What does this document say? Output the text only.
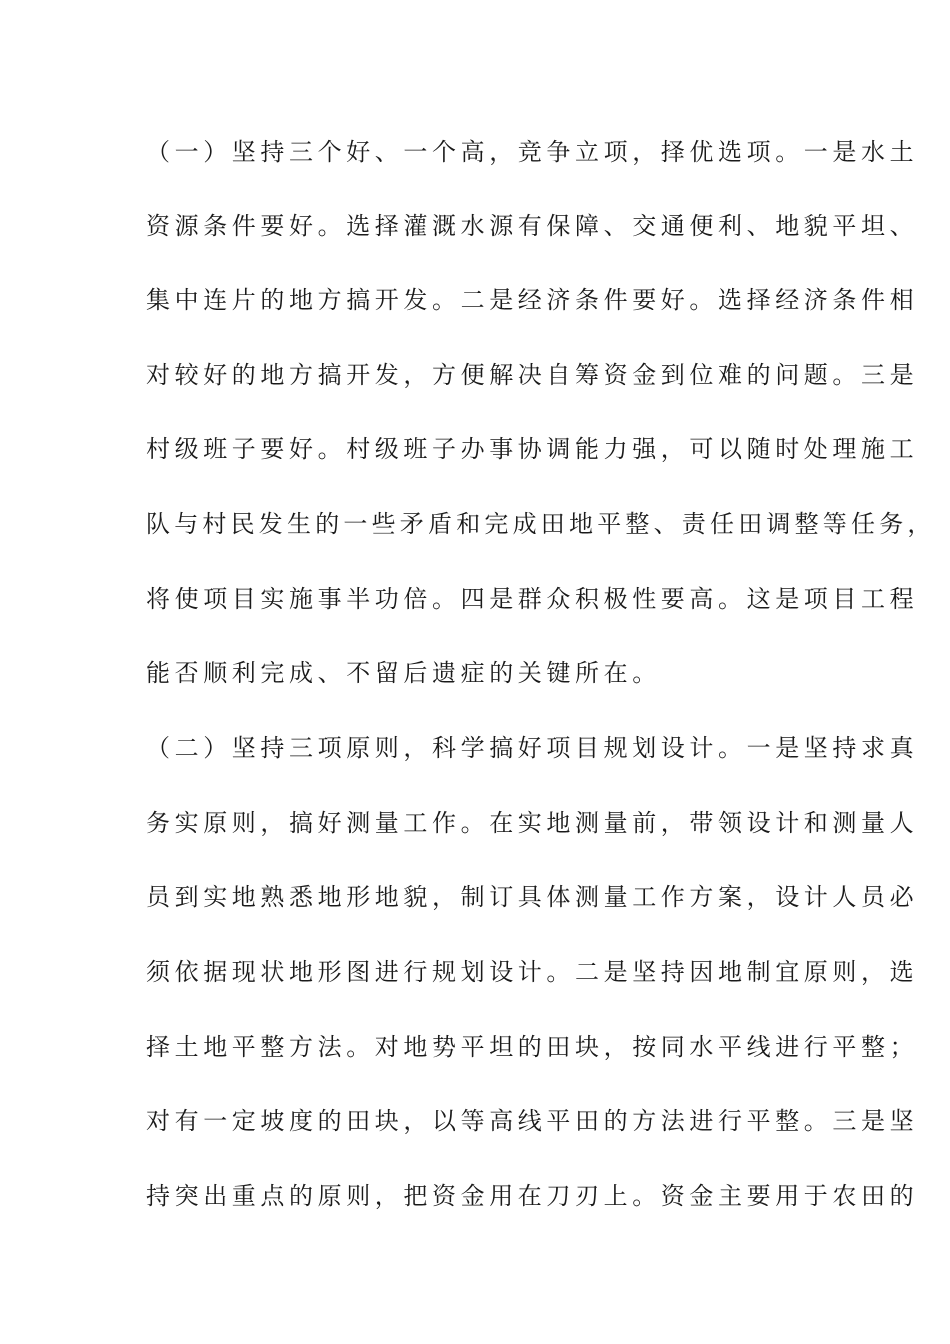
（一）坚持三个好、一个高，竞争立项，择优选项。一是水土
资源条件要好。选择灌溉水源有保障、交通便利、地貌平坦、
集中连片的地方搞开发。二是经济条件要好。选择经济条件相
对较好的地方搞开发，方便解决自筹资金到位难的问题。三是
村级班子要好。村级班子办事协调能力强，可以随时处理施工
队与村民发生的一些矛盾和完成田地平整、责任田调整等任务，
将使项目实施事半功倍。四是群众积极性要高。这是项目工程
能否顺利完成、不留后遗症的关键所在。
（二）坚持三项原则，科学搞好项目规划设计。一是坚持求真
务实原则，搞好测量工作。在实地测量前，带领设计和测量人
员到实地熟悉地形地貌，制订具体测量工作方案，设计人员必
须依据现状地形图进行规划设计。二是坚持因地制宜原则，选
择土地平整方法。对地势平坦的田块，按同水平线进行平整；
对有一定坡度的田块，以等高线平田的方法进行平整。三是坚
持突出重点的原则，把资金用在刀刃上。资金主要用于农田的
